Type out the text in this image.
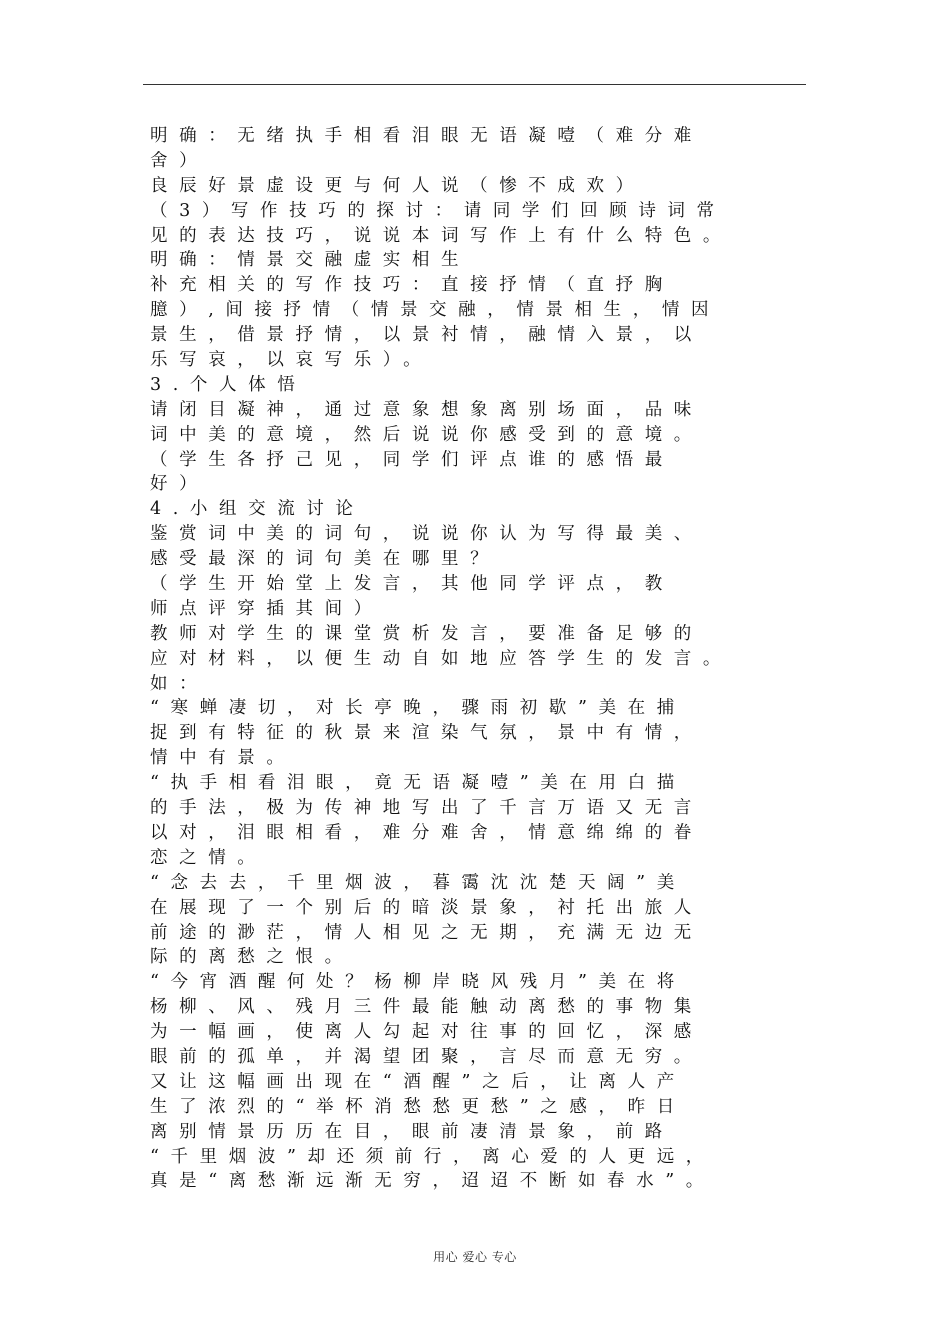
明确：无绪执手相看泪眼无语凝噎（难分难
舍）
良辰好景虚设更与何人说（惨不成欢）
（3）写作技巧的探讨：请同学们回顾诗词常
见的表达技巧，说说本词写作上有什么特色。
明确：情景交融虚实相生
补充相关的写作技巧：直接抒情（直抒胸
臆）,间接抒情（情景交融，情景相生，情因
景生，借景抒情，以景衬情，融情入景，以
乐写哀，以哀写乐）。
3.个人体悟
请闭目凝神，通过意象想象离别场面，品味
词中美的意境，然后说说你感受到的意境。
（学生各抒己见，同学们评点谁的感悟最
好）
4.小组交流讨论
鉴赏词中美的词句，说说你认为写得最美、
感受最深的词句美在哪里？
（学生开始堂上发言，其他同学评点，教
师点评穿插其间）
教师对学生的课堂赏析发言，要准备足够的
应对材料，以便生动自如地应答学生的发言。
如：
“寒蝉凄切，对长亭晚，骤雨初歇”美在捕
捉到有特征的秋景来渲染气氛，景中有情，
情中有景。
“执手相看泪眼，竟无语凝噎”美在用白描
的手法，极为传神地写出了千言万语又无言
以对，泪眼相看，难分难舍，情意绵绵的眷
恋之情。
“念去去，千里烟波，暮霭沈沈楚天阔”美
在展现了一个别后的暗淡景象，衬托出旅人
前途的渺茫，情人相见之无期，充满无边无
际的离愁之恨。
“今宵酒醒何处？杨柳岸晓风残月”美在将
杨柳、风、残月三件最能触动离愁的事物集
为一幅画，使离人勾起对往事的回忆，深感
眼前的孤单，并渴望团聚，言尽而意无穷。
又让这幅画出现在“酒醒”之后，让离人产
生了浓烈的“举杯消愁愁更愁”之感，昨日
离别情景历历在目，眼前凄清景象，前路
“千里烟波”却还须前行，离心爱的人更远，
真是“离愁渐远渐无穷，迢迢不断如春水”。
用心 爱心 专心
